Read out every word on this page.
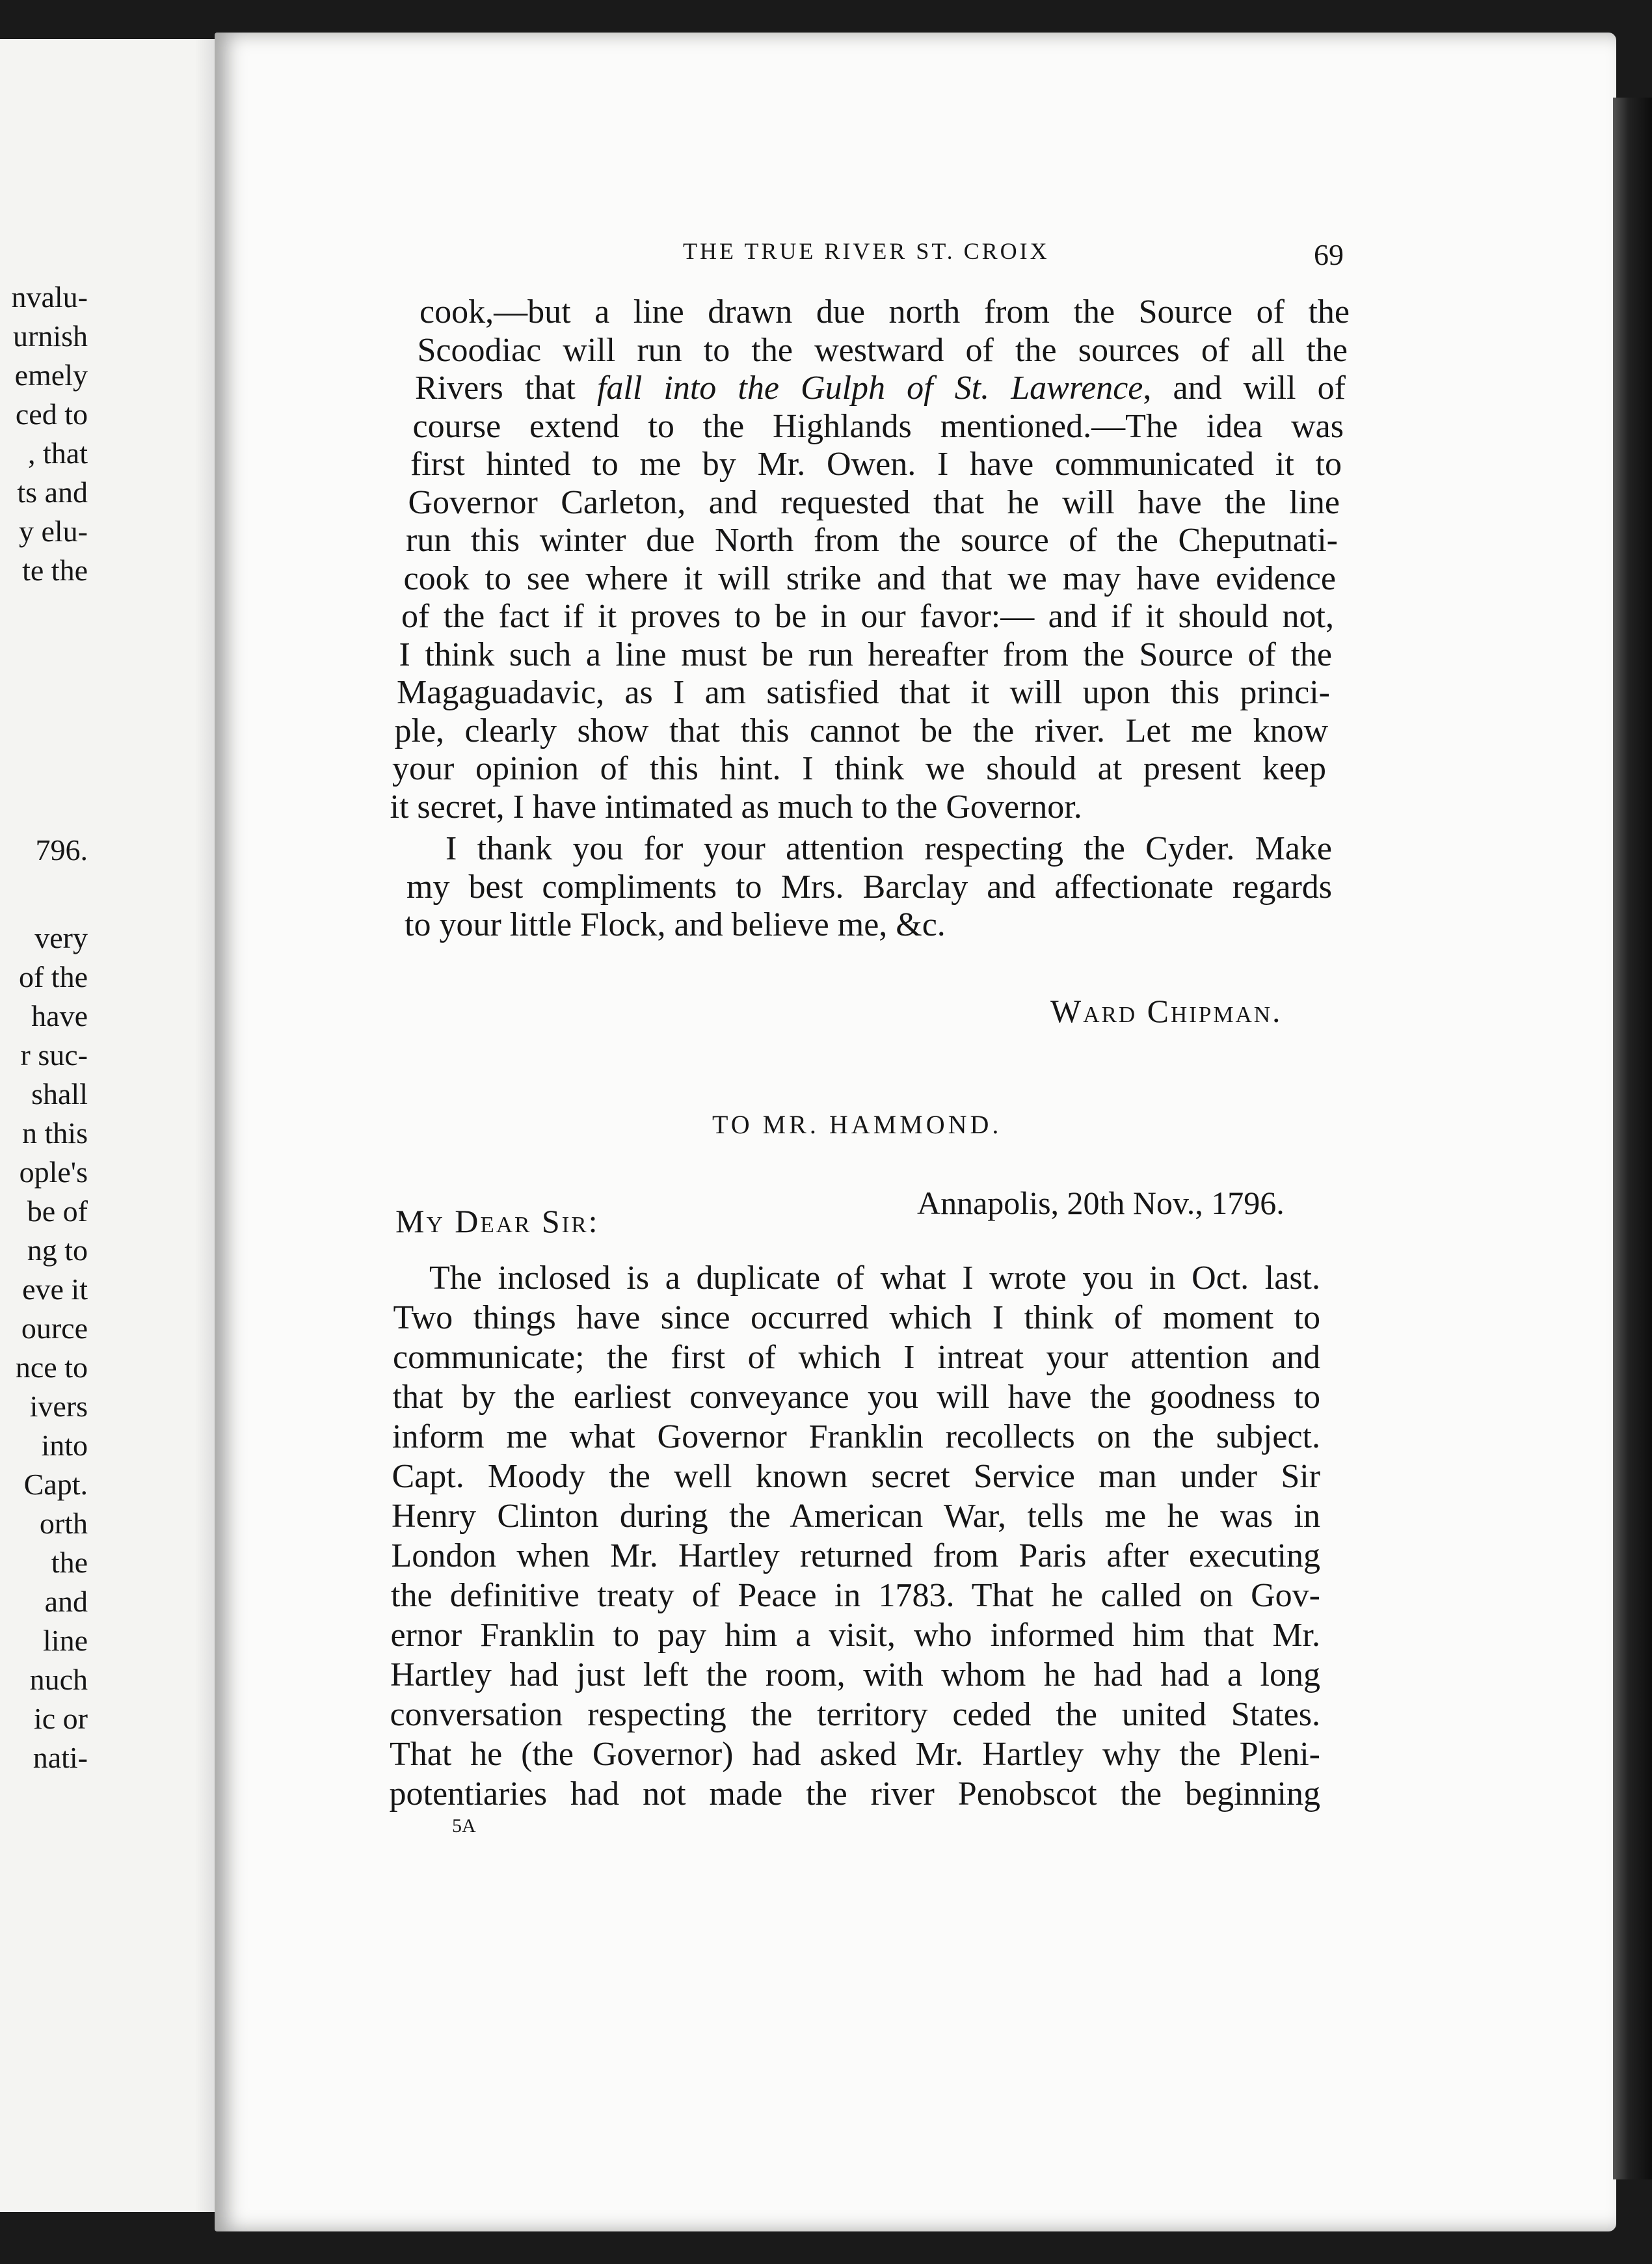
nvalu-
urnish
emely
ced to
, that
ts and
y elu-
te the
796.
very
of the
have
r suc-
shall
n this
ople's
be of
ng to
eve it
ource
nce to
ivers
into
Capt.
orth
the
and
line
nuch
ic or
nati-
THE TRUE RIVER ST. CROIX	69
cook,—but a line drawn due north from the Source of the
Scoodiac will run to the westward of the sources of all the
Rivers that fall into the Gulph of St. Lawrence, and will of
course extend to the Highlands mentioned.—The idea was
first hinted to me by Mr. Owen. I have communicated it to
Governor Carleton, and requested that he will have the line
run this winter due North from the source of the Cheputnati-
cook to see where it will strike and that we may have evidence
of the fact if it proves to be in our favor:— and if it should not,
I think such a line must be run hereafter from the Source of the
Magaguadavic, as I am satisfied that it will upon this princi-
ple, clearly show that this cannot be the river. Let me know
your opinion of this hint. I think we should at present keep
it secret, I have intimated as much to the Governor.
I thank you for your attention respecting the Cyder. Make
my best compliments to Mrs. Barclay and affectionate regards
to your little Flock, and believe me, &c.
Ward Chipman.
TO MR. HAMMOND.
Annapolis, 20th Nov., 1796.
My Dear Sir:
The inclosed is a duplicate of what I wrote you in Oct. last.
Two things have since occurred which I think of moment to
communicate; the first of which I intreat your attention and
that by the earliest conveyance you will have the goodness to
inform me what Governor Franklin recollects on the subject.
Capt. Moody the well known secret Service man under Sir
Henry Clinton during the American War, tells me he was in
London when Mr. Hartley returned from Paris after executing
the definitive treaty of Peace in 1783. That he called on Gov-
ernor Franklin to pay him a visit, who informed him that Mr.
Hartley had just left the room, with whom he had had a long
conversation respecting the territory ceded the united States.
That he (the Governor) had asked Mr. Hartley why the Pleni-
potentiaries had not made the river Penobscot the beginning
5A
